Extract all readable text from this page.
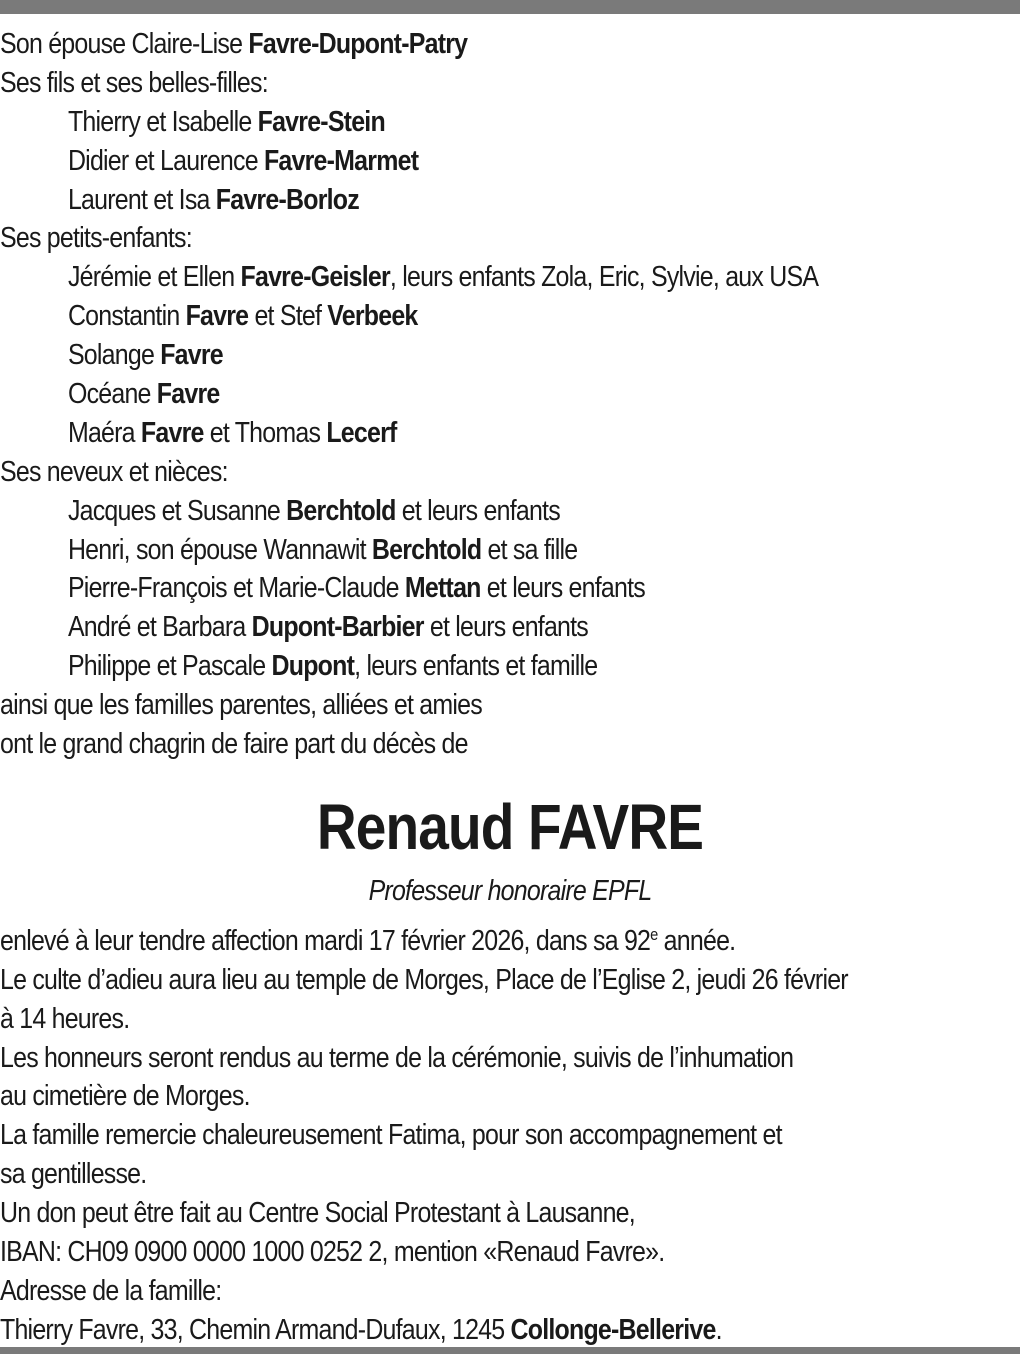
Son épouse Claire-Lise Favre-Dupont-Patry
Ses fils et ses belles-filles:
Thierry et Isabelle Favre-Stein
Didier et Laurence Favre-Marmet
Laurent et Isa Favre-Borloz
Ses petits-enfants:
Jérémie et Ellen Favre-Geisler, leurs enfants Zola, Eric, Sylvie, aux USA
Constantin Favre et Stef Verbeek
Solange Favre
Océane Favre
Maéra Favre et Thomas Lecerf
Ses neveux et nièces:
Jacques et Susanne Berchtold et leurs enfants
Henri, son épouse Wannawit Berchtold et sa fille
Pierre-François et Marie-Claude Mettan et leurs enfants
André et Barbara Dupont-Barbier et leurs enfants
Philippe et Pascale Dupont, leurs enfants et famille
ainsi que les familles parentes, alliées et amies
ont le grand chagrin de faire part du décès de
Renaud FAVRE
Professeur honoraire EPFL
enlevé à leur tendre affection mardi 17 février 2026, dans sa 92e année.
Le culte d’adieu aura lieu au temple de Morges, Place de l’Eglise 2, jeudi 26 février
à 14 heures.
Les honneurs seront rendus au terme de la cérémonie, suivis de l’inhumation
au cimetière de Morges.
La famille remercie chaleureusement Fatima, pour son accompagnement et
sa gentillesse.
Un don peut être fait au Centre Social Protestant à Lausanne,
IBAN: CH09 0900 0000 1000 0252 2, mention «Renaud Favre».
Adresse de la famille:
Thierry Favre, 33, Chemin Armand-Dufaux, 1245 Collonge-Bellerive.
